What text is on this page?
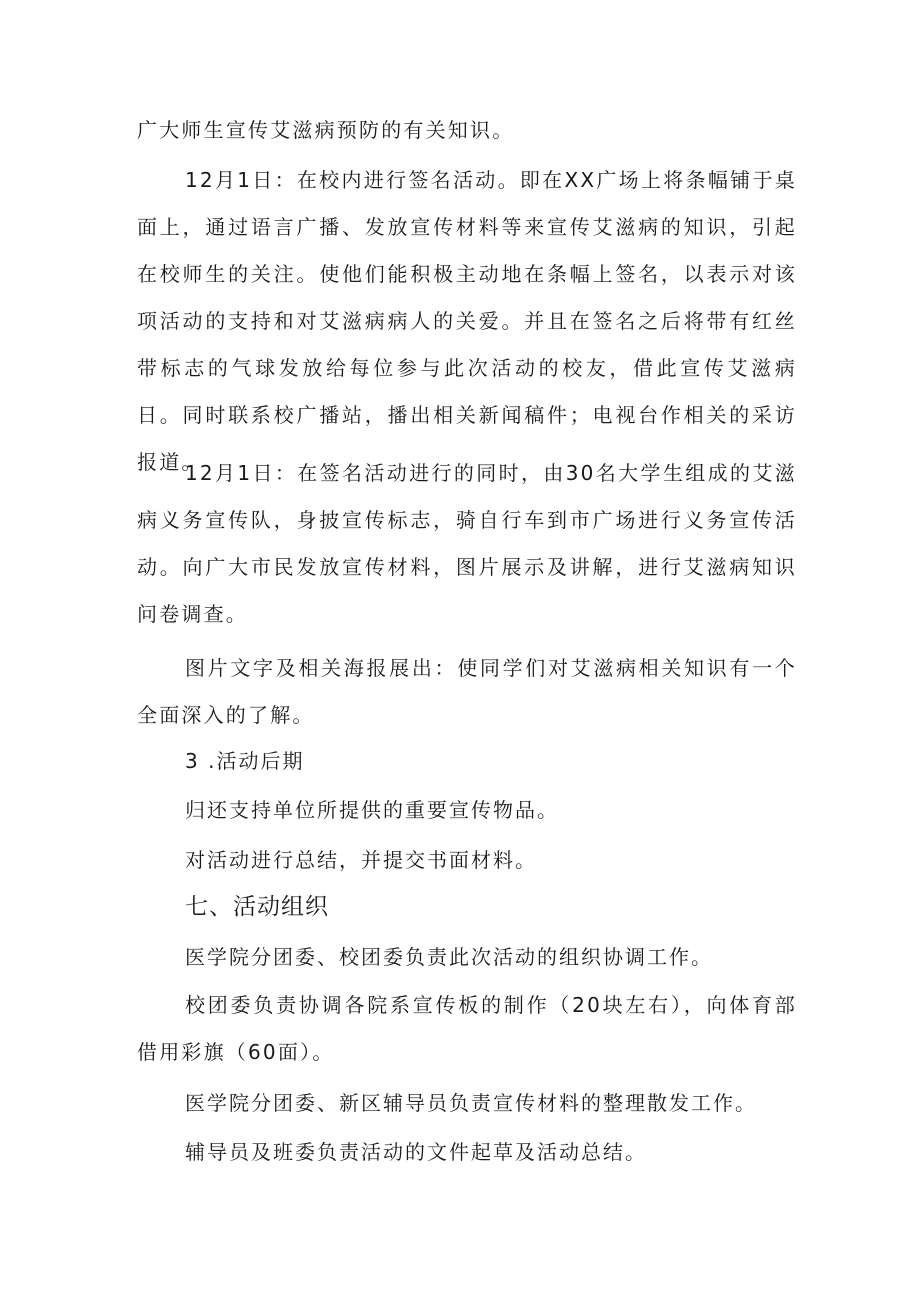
广大师生宣传艾滋病预防的有关知识。

12月1日：在校内进行签名活动。即在XX广场上将条幅铺于桌面上，通过语言广播、发放宣传材料等来宣传艾滋病的知识，引起在校师生的关注。使他们能积极主动地在条幅上签名，以表示对该项活动的支持和对艾滋病病人的关爱。并且在签名之后将带有红丝带标志的气球发放给每位参与此次活动的校友，借此宣传艾滋病日。同时联系校广播站，播出相关新闻稿件；电视台作相关的采访报道。

12月1日：在签名活动进行的同时，由30名大学生组成的艾滋病义务宣传队，身披宣传标志，骑自行车到市广场进行义务宣传活动。向广大市民发放宣传材料，图片展示及讲解，进行艾滋病知识问卷调查。

图片文字及相关海报展出：使同学们对艾滋病相关知识有一个全面深入的了解。

3 .活动后期

归还支持单位所提供的重要宣传物品。

对活动进行总结，并提交书面材料。

七、活动组织

医学院分团委、校团委负责此次活动的组织协调工作。

校团委负责协调各院系宣传板的制作（20块左右），向体育部借用彩旗（60面）。

医学院分团委、新区辅导员负责宣传材料的整理散发工作。

辅导员及班委负责活动的文件起草及活动总结。
